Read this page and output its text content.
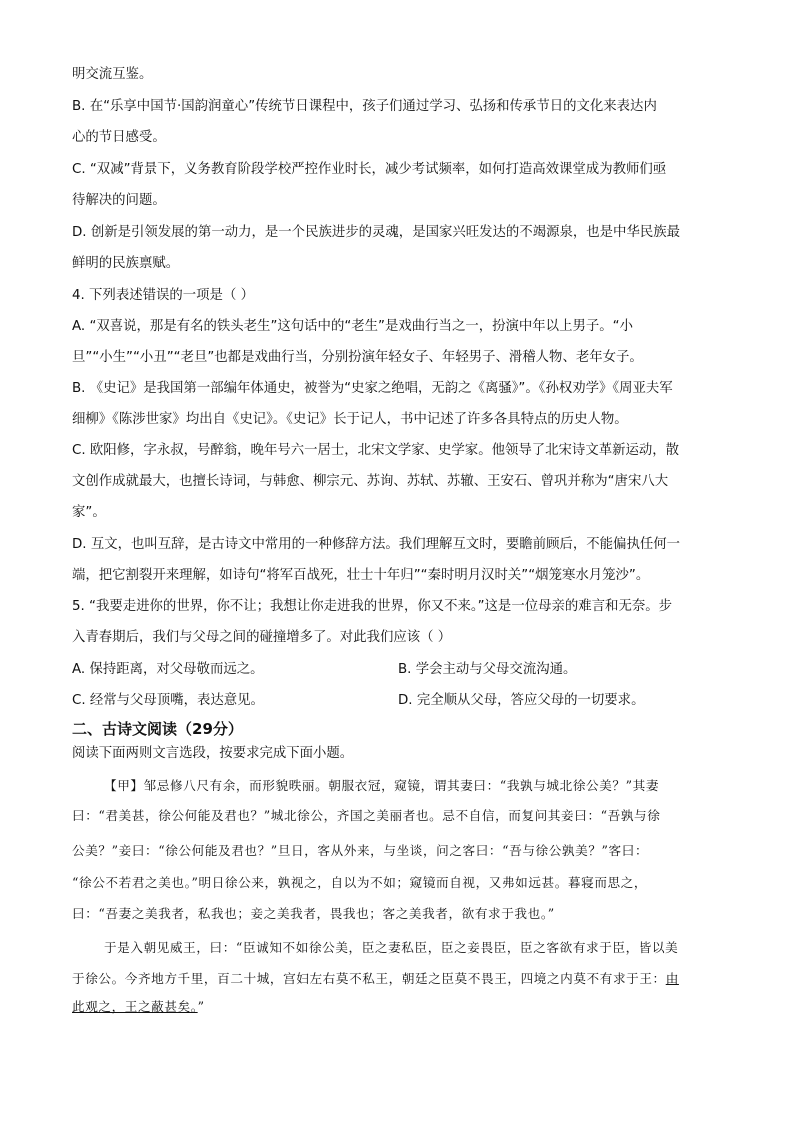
明交流互鉴。
B. 在“乐享中国节·国韵润童心”传统节日课程中，孩子们通过学习、弘扬和传承节日的文化来表达内
心的节日感受。
C. “双减”背景下，义务教育阶段学校严控作业时长，减少考试频率，如何打造高效课堂成为教师们亟
待解决的问题。
D. 创新是引领发展的第一动力，是一个民族进步的灵魂，是国家兴旺发达的不竭源泉，也是中华民族最
鲜明的民族禀赋。
4. 下列表述错误的一项是（ ）
A. “双喜说，那是有名的铁头老生”这句话中的“老生”是戏曲行当之一，扮演中年以上男子。“小
旦”“小生”“小丑”“老旦”也都是戏曲行当，分别扮演年轻女子、年轻男子、滑稽人物、老年女子。
B. 《史记》是我国第一部编年体通史，被誉为“史家之绝唱，无韵之《离骚》”。《孙权劝学》《周亚夫军
细柳》《陈涉世家》均出自《史记》。《史记》长于记人，书中记述了许多各具特点的历史人物。
C. 欧阳修，字永叔，号醉翁，晚年号六一居士，北宋文学家、史学家。他领导了北宋诗文革新运动，散
文创作成就最大，也擅长诗词，与韩愈、柳宗元、苏询、苏轼、苏辙、王安石、曾巩并称为“唐宋八大
家”。
D. 互文，也叫互辞，是古诗文中常用的一种修辞方法。我们理解互文时，要瞻前顾后，不能偏执任何一
端，把它割裂开来理解，如诗句“将军百战死，壮士十年归”“秦时明月汉时关”“烟笼寒水月笼沙”。
5. “我要走进你的世界，你不让；我想让你走进我的世界，你又不来。”这是一位母亲的难言和无奈。步
入青春期后，我们与父母之间的碰撞增多了。对此我们应该（ ）
A. 保持距离，对父母敬而远之。	B. 学会主动与父母交流沟通。
C. 经常与父母顶嘴，表达意见。	D. 完全顺从父母，答应父母的一切要求。
二、古诗文阅读（29分）
阅读下面两则文言选段，按要求完成下面小题。
【甲】邹忌修八尺有余，而形貌昳丽。朝服衣冠，窥镜，谓其妻曰：“我孰与城北徐公美？”其妻
曰：“君美甚，徐公何能及君也？”城北徐公，齐国之美丽者也。忌不自信，而复问其妾曰：“吾孰与徐
公美？”妾曰：“徐公何能及君也？”旦日，客从外来，与坐谈，问之客曰：“吾与徐公孰美？”客曰：
“徐公不若君之美也。”明日徐公来，孰视之，自以为不如；窥镜而自视，又弗如远甚。暮寝而思之，
曰：“吾妻之美我者，私我也；妾之美我者，畏我也；客之美我者，欲有求于我也。”
于是入朝见威王，曰：“臣诚知不如徐公美，臣之妻私臣，臣之妾畏臣，臣之客欲有求于臣，皆以美
于徐公。今齐地方千里，百二十城，宫妇左右莫不私王，朝廷之臣莫不畏王，四境之内莫不有求于王：由
此观之，王之蔽甚矣。”
